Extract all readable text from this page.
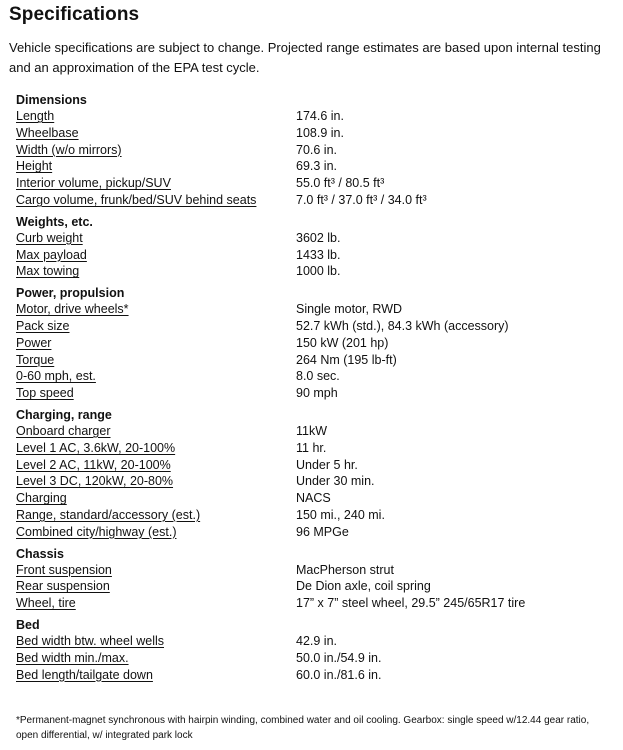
Specifications

Vehicle specifications are subject to change. Projected range estimates are based upon internal testing and an approximation of the EPA test cycle.

Dimensions
Length	174.6 in.
Wheelbase	108.9 in.
Width (w/o mirrors)	70.6 in.
Height	69.3 in.
Interior volume, pickup/SUV	55.0 ft³ / 80.5 ft³
Cargo volume, frunk/bed/SUV behind seats	7.0 ft³ / 37.0 ft³ / 34.0 ft³
Weights, etc.
Curb weight	3602 lb.
Max payload	1433 lb.
Max towing	1000 lb.
Power, propulsion
Motor, drive wheels*	Single motor, RWD
Pack size	52.7 kWh (std.), 84.3 kWh (accessory)
Power	150 kW (201 hp)
Torque	264 Nm (195 lb-ft)
0-60 mph, est.	8.0 sec.
Top speed	90 mph
Charging, range
Onboard charger	11kW
Level 1 AC, 3.6kW, 20-100%	11 hr.
Level 2 AC, 11kW, 20-100%	Under 5 hr.
Level 3 DC, 120kW, 20-80%	Under 30 min.
Charging	NACS
Range, standard/accessory (est.)	150 mi., 240 mi.
Combined city/highway (est.)	96 MPGe
Chassis
Front suspension	MacPherson strut
Rear suspension	De Dion axle, coil spring
Wheel, tire	17” x 7” steel wheel, 29.5” 245/65R17 tire
Bed
Bed width btw. wheel wells	42.9 in.
Bed width min./max.	50.0 in./54.9 in.
Bed length/tailgate down	60.0 in./81.6 in.

*Permanent-magnet synchronous with hairpin winding, combined water and oil cooling. Gearbox: single speed w/12.44 gear ratio, open differential, w/ integrated park lock
